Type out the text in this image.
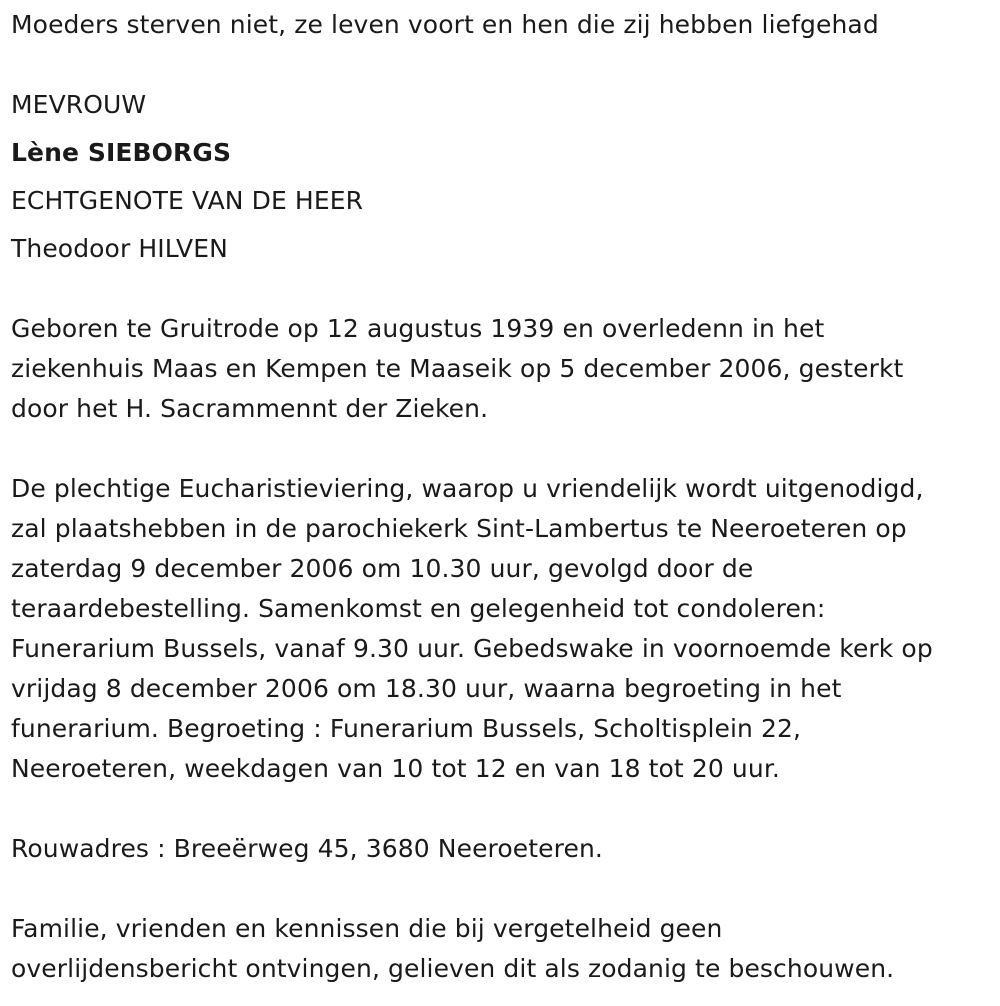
Moeders sterven niet, ze leven voort en hen die zij hebben liefgehad
MEVROUW
Lène SIEBORGS
ECHTGENOTE VAN DE HEER
Theodoor HILVEN
Geboren te Gruitrode op 12 augustus 1939 en overledenn in het
ziekenhuis Maas en Kempen te Maaseik op 5 december 2006, gesterkt
door het H. Sacrammennt der Zieken.
De plechtige Eucharistieviering, waarop u vriendelijk wordt uitgenodigd,
zal plaatshebben in de parochiekerk Sint-Lambertus te Neeroeteren op
zaterdag 9 december 2006 om 10.30 uur, gevolgd door de
teraardebestelling. Samenkomst en gelegenheid tot condoleren:
Funerarium Bussels, vanaf 9.30 uur. Gebedswake in voornoemde kerk op
vrijdag 8 december 2006 om 18.30 uur, waarna begroeting in het
funerarium. Begroeting : Funerarium Bussels, Scholtisplein 22,
Neeroeteren, weekdagen van 10 tot 12 en van 18 tot 20 uur.
Rouwadres : Breeërweg 45, 3680 Neeroeteren.
Familie, vrienden en kennissen die bij vergetelheid geen
overlijdensbericht ontvingen, gelieven dit als zodanig te beschouwen.
